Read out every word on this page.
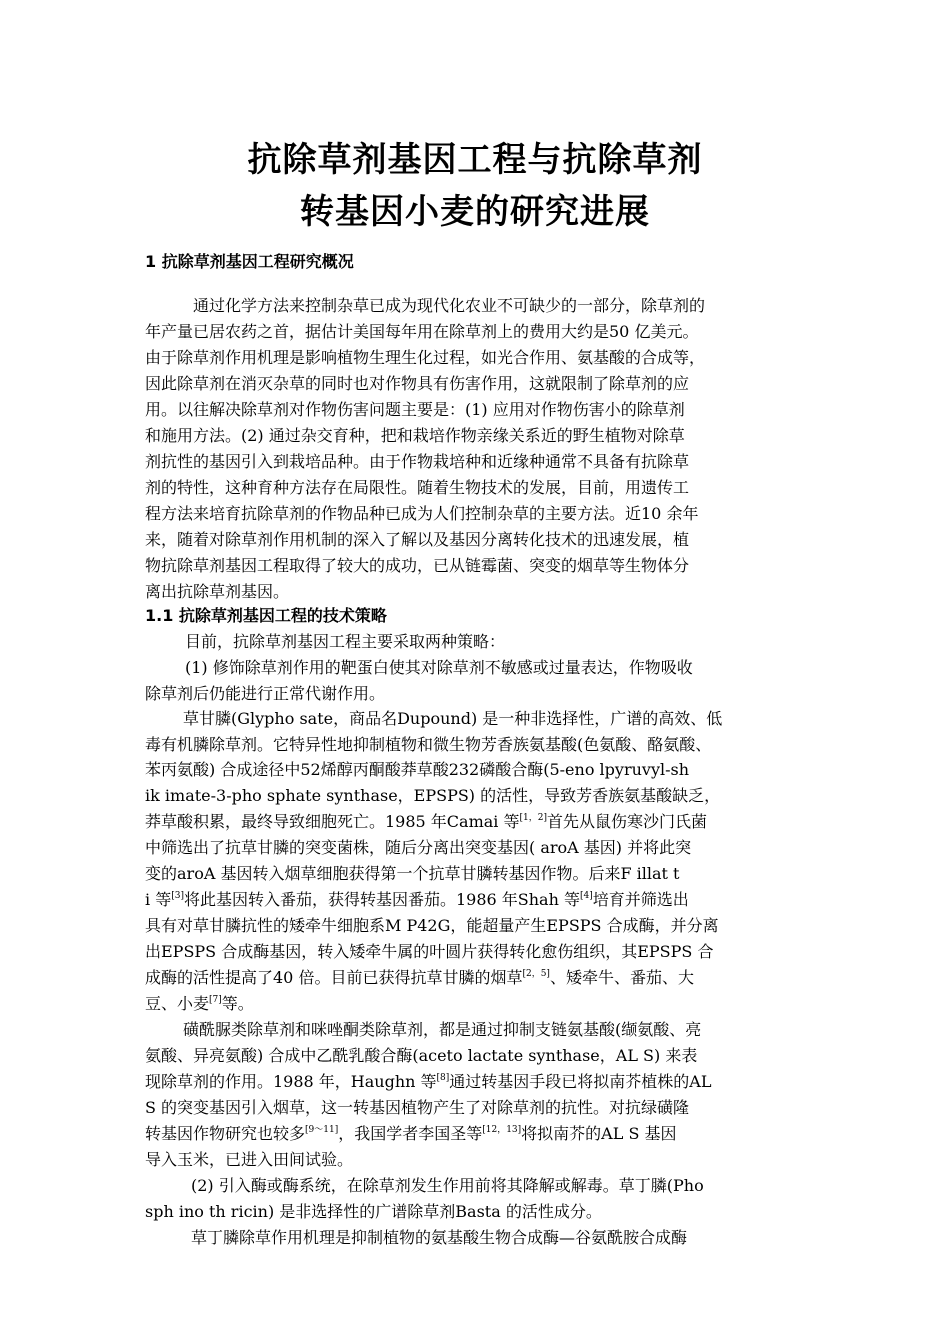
抗除草剂基因工程与抗除草剂
转基因小麦的研究进展
1 抗除草剂基因工程研究概况
通过化学方法来控制杂草已成为现代化农业不可缺少的一部分，除草剂的
年产量已居农药之首，据估计美国每年用在除草剂上的费用大约是50 亿美元。
由于除草剂作用机理是影响植物生理生化过程，如光合作用、氨基酸的合成等，
因此除草剂在消灭杂草的同时也对作物具有伤害作用，这就限制了除草剂的应
用。以往解决除草剂对作物伤害问题主要是：(1) 应用对作物伤害小的除草剂
和施用方法。(2) 通过杂交育种，把和栽培作物亲缘关系近的野生植物对除草
剂抗性的基因引入到栽培品种。由于作物栽培种和近缘种通常不具备有抗除草
剂的特性，这种育种方法存在局限性。随着生物技术的发展，目前，用遗传工
程方法来培育抗除草剂的作物品种已成为人们控制杂草的主要方法。近10 余年
来，随着对除草剂作用机制的深入了解以及基因分离转化技术的迅速发展，植
物抗除草剂基因工程取得了较大的成功，已从链霉菌、突变的烟草等生物体分
离出抗除草剂基因。
1.1 抗除草剂基因工程的技术策略
目前，抗除草剂基因工程主要采取两种策略：
(1) 修饰除草剂作用的靶蛋白使其对除草剂不敏感或过量表达，作物吸收
除草剂后仍能进行正常代谢作用。
草甘膦(Glypho sate，商品名Dupound) 是一种非选择性，广谱的高效、低
毒有机膦除草剂。它特异性地抑制植物和微生物芳香族氨基酸(色氨酸、酪氨酸、
苯丙氨酸) 合成途径中52烯醇丙酮酸莽草酸232磷酸合酶(5-eno lpyruvyl-sh
ik imate-3-pho sphate synthase，EPSPS) 的活性，导致芳香族氨基酸缺乏，
莽草酸积累，最终导致细胞死亡。1985 年Camai 等[1，2]首先从鼠伤寒沙门氏菌
中筛选出了抗草甘膦的突变菌株，随后分离出突变基因( aroA 基因) 并将此突
变的aroA 基因转入烟草细胞获得第一个抗草甘膦转基因作物。后来F illat t
i 等[3]将此基因转入番茄，获得转基因番茄。1986 年Shah 等[4]培育并筛选出
具有对草甘膦抗性的矮牵牛细胞系M P42G，能超量产生EPSPS 合成酶，并分离
出EPSPS 合成酶基因，转入矮牵牛属的叶圆片获得转化愈伤组织，其EPSPS 合
成酶的活性提高了40 倍。目前已获得抗草甘膦的烟草[2，5]、矮牵牛、番茄、大
豆、小麦[7]等。
磺酰脲类除草剂和咪唑酮类除草剂，都是通过抑制支链氨基酸(缬氨酸、亮
氨酸、异亮氨酸) 合成中乙酰乳酸合酶(aceto lactate synthase，AL S) 来表
现除草剂的作用。1988 年，Haughn 等[8]通过转基因手段已将拟南芥植株的AL
S 的突变基因引入烟草，这一转基因植物产生了对除草剂的抗性。对抗绿磺隆
转基因作物研究也较多[9～11]，我国学者李国圣等[12，13]将拟南芥的AL S 基因
导入玉米，已进入田间试验。
(2) 引入酶或酶系统，在除草剂发生作用前将其降解或解毒。草丁膦(Pho
sph ino th ricin) 是非选择性的广谱除草剂Basta 的活性成分。
草丁膦除草作用机理是抑制植物的氨基酸生物合成酶—谷氨酰胺合成酶
